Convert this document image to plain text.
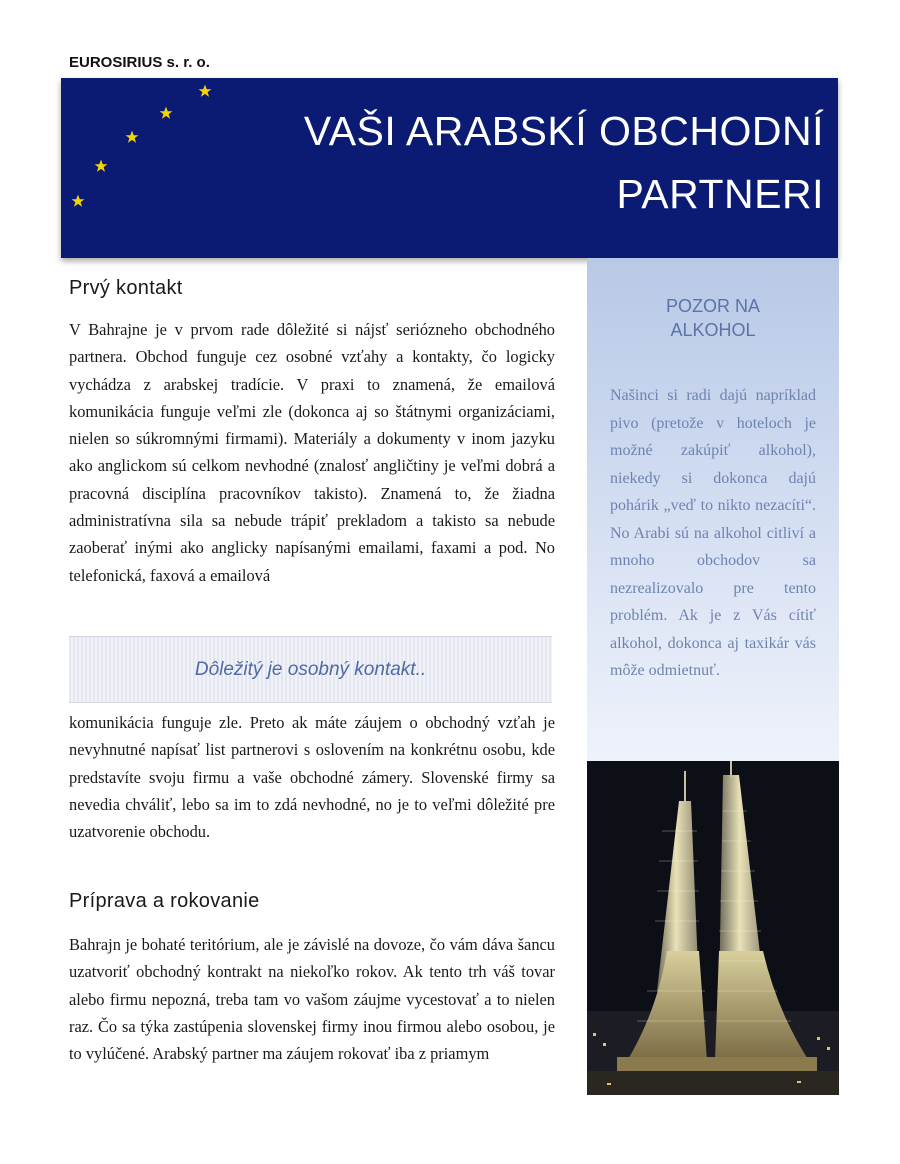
EUROSIRIUS s. r. o.
VAŠI ARABSKÍ OBCHODNÍ
PARTNERI
Prvý kontakt
V Bahrajne je v prvom rade dôležité si nájsť seriózneho obchodného partnera. Obchod funguje cez osobné vzťahy a kontakty, čo logicky vychádza z arabskej tradície. V praxi to znamená, že emailová komunikácia funguje veľmi zle (dokonca aj so štátnymi organizáciami, nielen so súkromnými firmami). Materiály a dokumenty v inom jazyku ako anglickom sú celkom nevhodné (znalosť angličtiny je veľmi dobrá a pracovná disciplína pracovníkov takisto). Znamená to, že žiadna administratívna sila sa nebude trápiť prekladom a takisto sa nebude zaoberať inými ako anglicky napísanými emailami, faxami a pod. No telefonická, faxová a emailová
Dôležitý je osobný kontakt..
komunikácia funguje zle. Preto ak máte záujem o obchodný vzťah je nevyhnutné napísať list partnerovi s oslovením na konkrétnu osobu, kde predstavíte svoju firmu a vaše obchodné zámery. Slovenské firmy sa nevedia chváliť, lebo sa im to zdá nevhodné, no je to veľmi dôležité pre uzatvorenie obchodu.
Príprava a rokovanie
Bahrajn je bohaté teritórium, ale je závislé na dovoze, čo vám dáva šancu uzatvoriť obchodný kontrakt na niekoľko rokov. Ak tento trh váš tovar alebo firmu nepozná, treba tam vo vašom záujme vycestovať a to nielen raz. Čo sa týka zastúpenia slovenskej firmy inou firmou alebo osobou, je to vylúčené. Arabský partner ma záujem rokovať iba z priamym
POZOR NA ALKOHOL
Našinci si radi dajú napríklad pivo (pretože v hoteloch je možné zakúpiť alkohol), niekedy si dokonca dajú pohárik „veď to nikto nezacíti“. No Arabi sú na alkohol citliví a mnoho obchodov sa nezrealizovalo pre tento problém. Ak je z Vás cítiť alkohol, dokonca aj taxikár vás môže odmietnuť.
